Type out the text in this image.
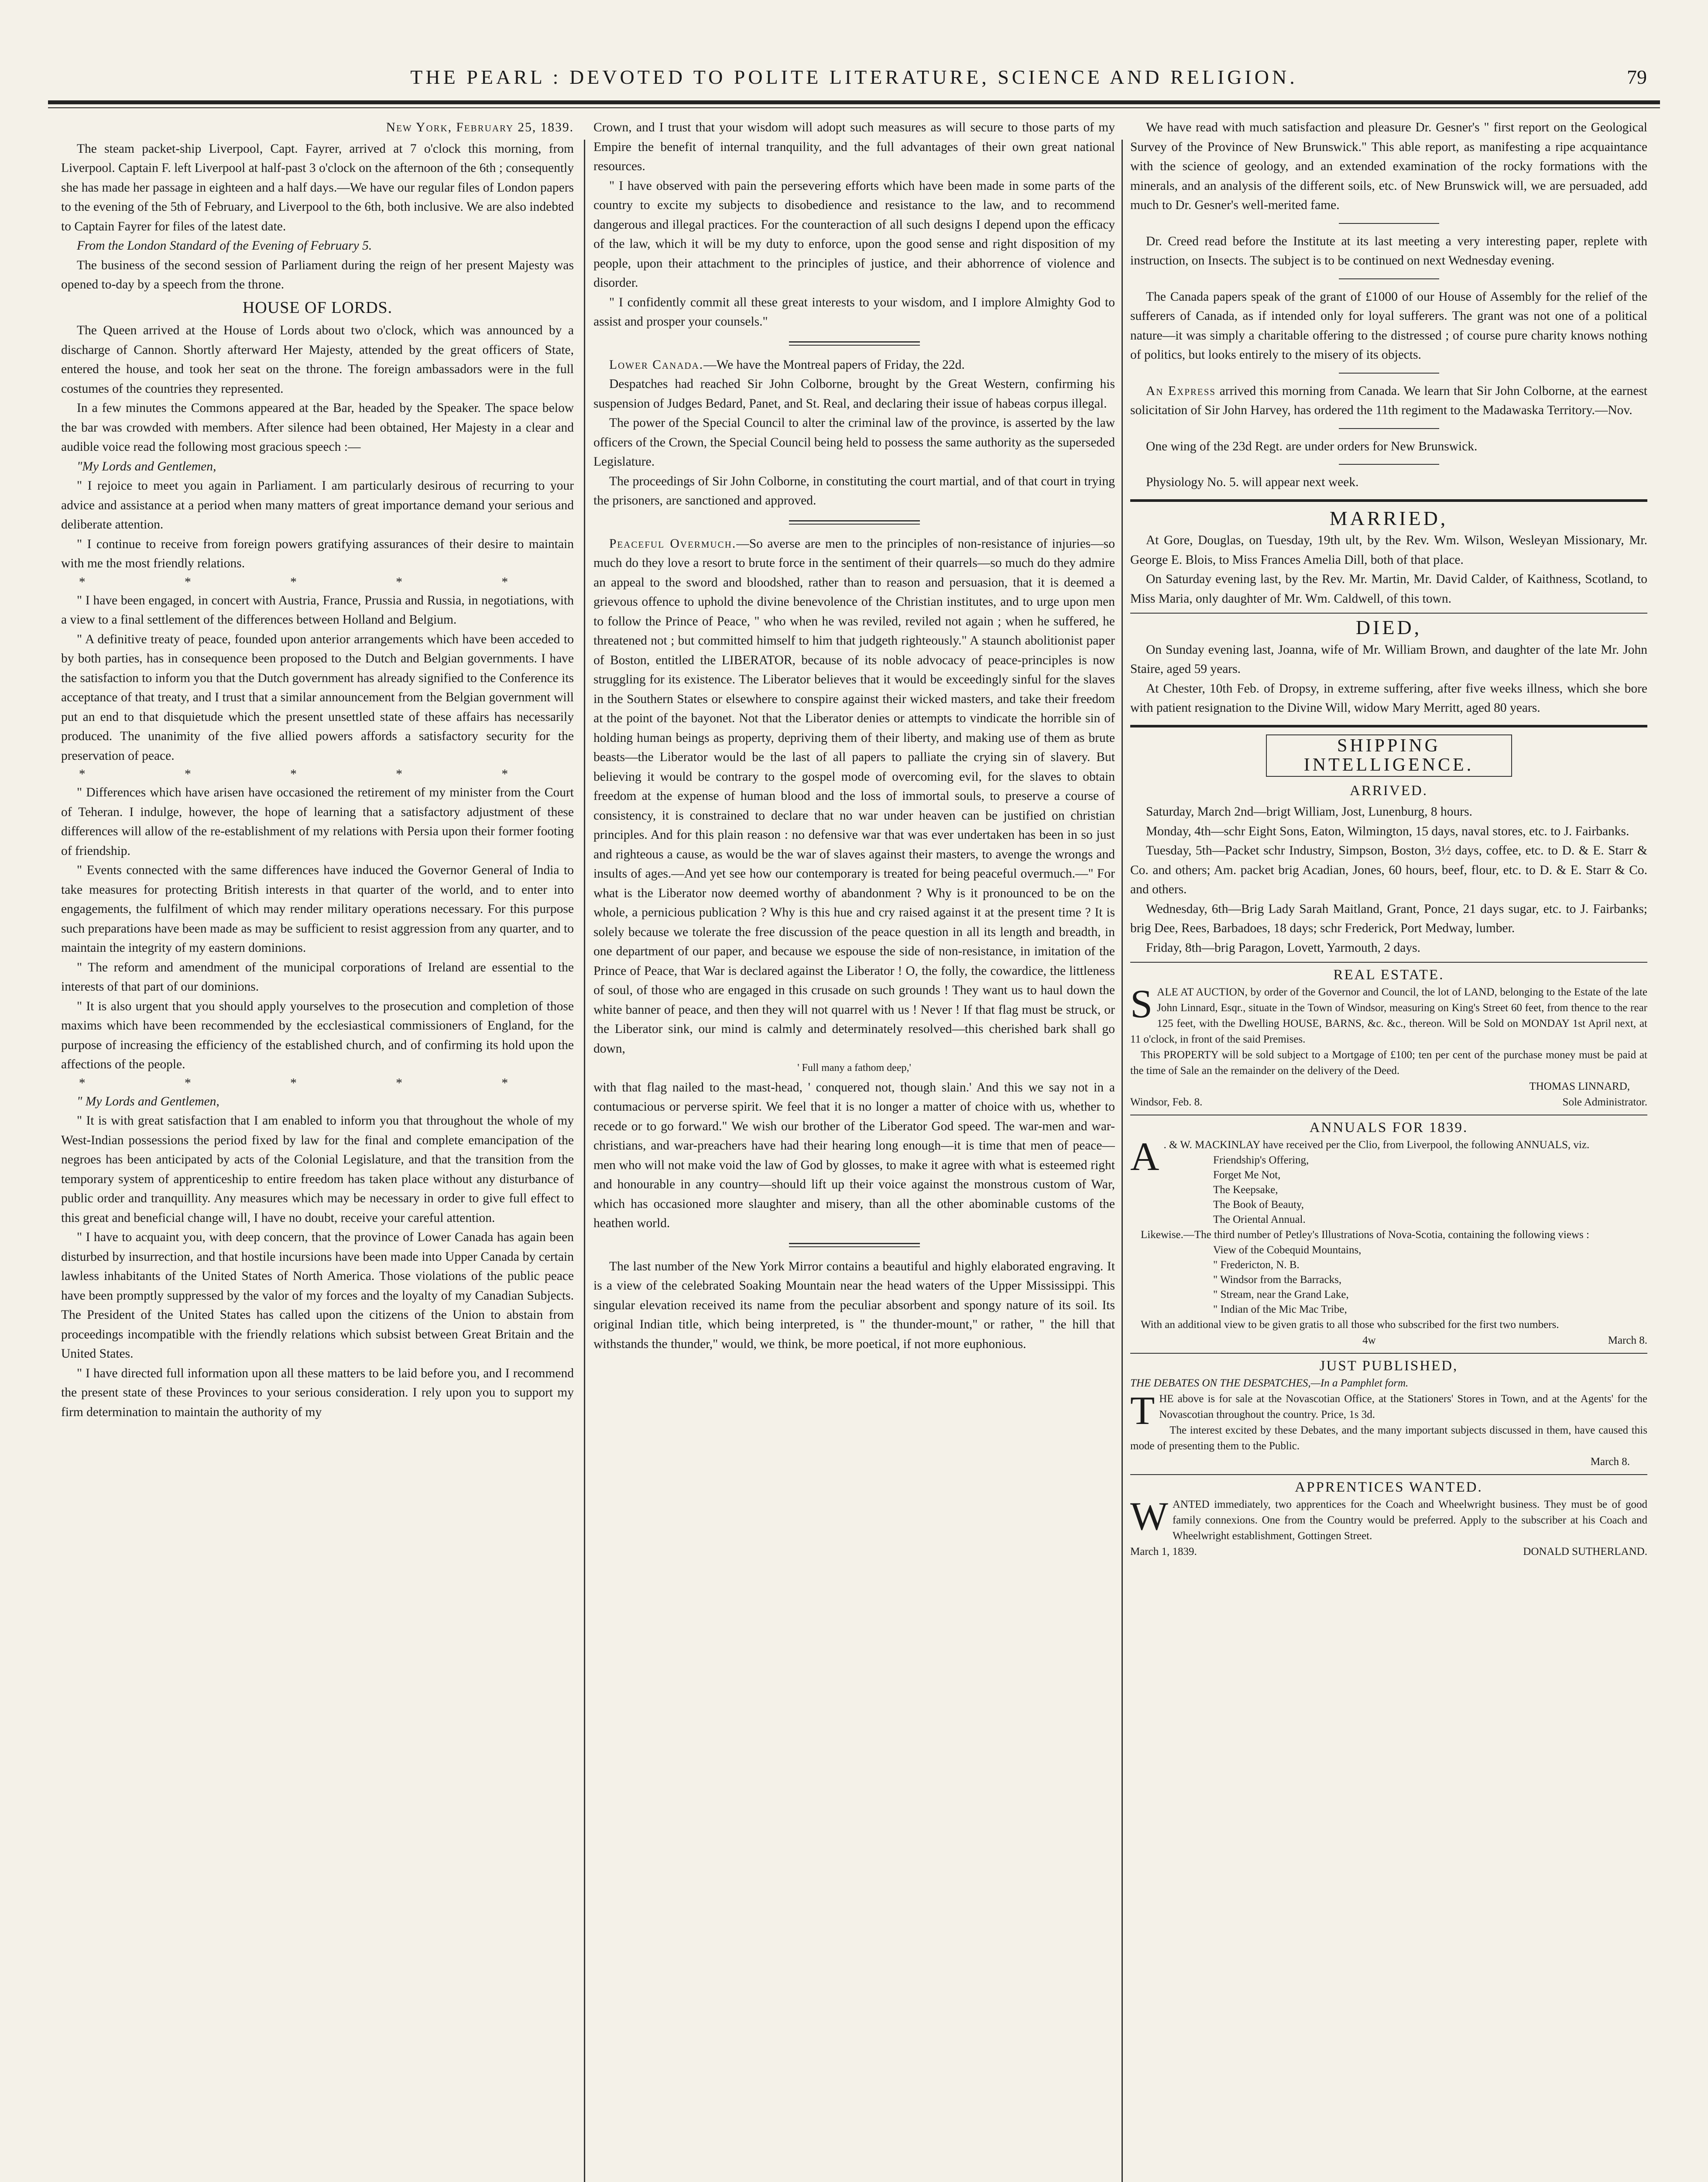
THE PEARL : DEVOTED TO POLITE LITERATURE, SCIENCE AND RELIGION.	79

New York, February 25, 1839.

The steam packet-ship Liverpool, Capt. Fayrer, arrived at 7 o'clock this morning, from Liverpool. Captain F. left Liverpool at half-past 3 o'clock on the afternoon of the 6th ; consequently she has made her passage in eighteen and a half days.—We have our regular files of London papers to the evening of the 5th of February, and Liverpool to the 6th, both inclusive. We are also indebted to Captain Fayrer for files of the latest date.

From the London Standard of the Evening of February 5.

The business of the second session of Parliament during the reign of her present Majesty was opened to-day by a speech from the throne.

HOUSE OF LORDS.

The Queen arrived at the House of Lords about two o'clock, which was announced by a discharge of Cannon. Shortly afterward Her Majesty, attended by the great officers of State, entered the house, and took her seat on the throne. The foreign ambassadors were in the full costumes of the countries they represented.

In a few minutes the Commons appeared at the Bar, headed by the Speaker. The space below the bar was crowded with members. After silence had been obtained, Her Majesty in a clear and audible voice read the following most gracious speech :—

"My Lords and Gentlemen,

" I rejoice to meet you again in Parliament. I am particularly desirous of recurring to your advice and assistance at a period when many matters of great importance demand your serious and deliberate attention.

" I continue to receive from foreign powers gratifying assurances of their desire to maintain with me the most friendly relations.

* * * * *

" I have been engaged, in concert with Austria, France, Prussia and Russia, in negotiations, with a view to a final settlement of the differences between Holland and Belgium.

" A definitive treaty of peace, founded upon anterior arrangements which have been acceded to by both parties, has in consequence been proposed to the Dutch and Belgian governments. I have the satisfaction to inform you that the Dutch government has already signified to the Conference its acceptance of that treaty, and I trust that a similar announcement from the Belgian government will put an end to that disquietude which the present unsettled state of these affairs has necessarily produced. The unanimity of the five allied powers affords a satisfactory security for the preservation of peace.

* * * * *

" Differences which have arisen have occasioned the retirement of my minister from the Court of Teheran. I indulge, however, the hope of learning that a satisfactory adjustment of these differences will allow of the re-establishment of my relations with Persia upon their former footing of friendship.

" Events connected with the same differences have induced the Governor General of India to take measures for protecting British interests in that quarter of the world, and to enter into engagements, the fulfilment of which may render military operations necessary. For this purpose such preparations have been made as may be sufficient to resist aggression from any quarter, and to maintain the integrity of my eastern dominions.

" The reform and amendment of the municipal corporations of Ireland are essential to the interests of that part of our dominions.

" It is also urgent that you should apply yourselves to the prosecution and completion of those maxims which have been recommended by the ecclesiastical commissioners of England, for the purpose of increasing the efficiency of the established church, and of confirming its hold upon the affections of the people.

* * * * *

" My Lords and Gentlemen,

" It is with great satisfaction that I am enabled to inform you that throughout the whole of my West-Indian possessions the period fixed by law for the final and complete emancipation of the negroes has been anticipated by acts of the Colonial Legislature, and that the transition from the temporary system of apprenticeship to entire freedom has taken place without any disturbance of public order and tranquillity. Any measures which may be necessary in order to give full effect to this great and beneficial change will, I have no doubt, receive your careful attention.

" I have to acquaint you, with deep concern, that the province of Lower Canada has again been disturbed by insurrection, and that hostile incursions have been made into Upper Canada by certain lawless inhabitants of the United States of North America. Those violations of the public peace have been promptly suppressed by the valor of my forces and the loyalty of my Canadian Subjects. The President of the United States has called upon the citizens of the Union to abstain from proceedings incompatible with the friendly relations which subsist between Great Britain and the United States.

" I have directed full information upon all these matters to be laid before you, and I recommend the present state of these Provinces to your serious consideration. I rely upon you to support my firm determination to maintain the authority of my

Crown, and I trust that your wisdom will adopt such measures as will secure to those parts of my Empire the benefit of internal tranquility, and the full advantages of their own great national resources.

" I have observed with pain the persevering efforts which have been made in some parts of the country to excite my subjects to disobedience and resistance to the law, and to recommend dangerous and illegal practices. For the counteraction of all such designs I depend upon the efficacy of the law, which it will be my duty to enforce, upon the good sense and right disposition of my people, upon their attachment to the principles of justice, and their abhorrence of violence and disorder.

" I confidently commit all these great interests to your wisdom, and I implore Almighty God to assist and prosper your counsels."

Lower Canada.—We have the Montreal papers of Friday, the 22d.

Despatches had reached Sir John Colborne, brought by the Great Western, confirming his suspension of Judges Bedard, Panet, and St. Real, and declaring their issue of habeas corpus illegal.

The power of the Special Council to alter the criminal law of the province, is asserted by the law officers of the Crown, the Special Council being held to possess the same authority as the superseded Legislature.

The proceedings of Sir John Colborne, in constituting the court martial, and of that court in trying the prisoners, are sanctioned and approved.

Peaceful Overmuch.—So averse are men to the principles of non-resistance of injuries—so much do they love a resort to brute force in the sentiment of their quarrels—so much do they admire an appeal to the sword and bloodshed, rather than to reason and persuasion, that it is deemed a grievous offence to uphold the divine benevolence of the Christian institutes, and to urge upon men to follow the Prince of Peace, " who when he was reviled, reviled not again ; when he suffered, he threatened not ; but committed himself to him that judgeth righteously." A staunch abolitionist paper of Boston, entitled the LIBERATOR, because of its noble advocacy of peace-principles is now struggling for its existence. The Liberator believes that it would be exceedingly sinful for the slaves in the Southern States or elsewhere to conspire against their wicked masters, and take their freedom at the point of the bayonet. Not that the Liberator denies or attempts to vindicate the horrible sin of holding human beings as property, depriving them of their liberty, and making use of them as brute beasts—the Liberator would be the last of all papers to palliate the crying sin of slavery. But believing it would be contrary to the gospel mode of overcoming evil, for the slaves to obtain freedom at the expense of human blood and the loss of immortal souls, to preserve a course of consistency, it is constrained to declare that no war under heaven can be justified on christian principles. And for this plain reason : no defensive war that was ever undertaken has been in so just and righteous a cause, as would be the war of slaves against their masters, to avenge the wrongs and insults of ages.—And yet see how our contemporary is treated for being peaceful overmuch.—" For what is the Liberator now deemed worthy of abandonment ? Why is it pronounced to be on the whole, a pernicious publication ? Why is this hue and cry raised against it at the present time ? It is solely because we tolerate the free discussion of the peace question in all its length and breadth, in one department of our paper, and because we espouse the side of non-resistance, in imitation of the Prince of Peace, that War is declared against the Liberator ! O, the folly, the cowardice, the littleness of soul, of those who are engaged in this crusade on such grounds ! They want us to haul down the white banner of peace, and then they will not quarrel with us ! Never ! If that flag must be struck, or the Liberator sink, our mind is calmly and determinately resolved—this cherished bark shall go down,

' Full many a fathom deep,'

with that flag nailed to the mast-head, ' conquered not, though slain.' And this we say not in a contumacious or perverse spirit. We feel that it is no longer a matter of choice with us, whether to recede or to go forward." We wish our brother of the Liberator God speed. The war-men and war-christians, and war-preachers have had their hearing long enough—it is time that men of peace—men who will not make void the law of God by glosses, to make it agree with what is esteemed right and honourable in any country—should lift up their voice against the monstrous custom of War, which has occasioned more slaughter and misery, than all the other abominable customs of the heathen world.

The last number of the New York Mirror contains a beautiful and highly elaborated engraving. It is a view of the celebrated Soaking Mountain near the head waters of the Upper Mississippi. This singular elevation received its name from the peculiar absorbent and spongy nature of its soil. Its original Indian title, which being interpreted, is " the thunder-mount," or rather, " the hill that withstands the thunder," would, we think, be more poetical, if not more euphonious.

We have read with much satisfaction and pleasure Dr. Gesner's " first report on the Geological Survey of the Province of New Brunswick." This able report, as manifesting a ripe acquaintance with the science of geology, and an extended examination of the rocky formations with the minerals, and an analysis of the different soils, etc. of New Brunswick will, we are persuaded, add much to Dr. Gesner's well-merited fame.

Dr. Creed read before the Institute at its last meeting a very interesting paper, replete with instruction, on Insects. The subject is to be continued on next Wednesday evening.

The Canada papers speak of the grant of £1000 of our House of Assembly for the relief of the sufferers of Canada, as if intended only for loyal sufferers. The grant was not one of a political nature—it was simply a charitable offering to the distressed ; of course pure charity knows nothing of politics, but looks entirely to the misery of its objects.

An Express arrived this morning from Canada. We learn that Sir John Colborne, at the earnest solicitation of Sir John Harvey, has ordered the 11th regiment to the Madawaska Territory.—Nov.

One wing of the 23d Regt. are under orders for New Brunswick.

Physiology No. 5. will appear next week.

MARRIED,

At Gore, Douglas, on Tuesday, 19th ult, by the Rev. Wm. Wilson, Wesleyan Missionary, Mr. George E. Blois, to Miss Frances Amelia Dill, both of that place.

On Saturday evening last, by the Rev. Mr. Martin, Mr. David Calder, of Kaithness, Scotland, to Miss Maria, only daughter of Mr. Wm. Caldwell, of this town.

DIED,

On Sunday evening last, Joanna, wife of Mr. William Brown, and daughter of the late Mr. John Staire, aged 59 years.

At Chester, 10th Feb. of Dropsy, in extreme suffering, after five weeks illness, which she bore with patient resignation to the Divine Will, widow Mary Merritt, aged 80 years.

SHIPPING INTELLIGENCE.

ARRIVED.

Saturday, March 2nd—brigt William, Jost, Lunenburg, 8 hours.

Monday, 4th—schr Eight Sons, Eaton, Wilmington, 15 days, naval stores, etc. to J. Fairbanks.

Tuesday, 5th—Packet schr Industry, Simpson, Boston, 3½ days, coffee, etc. to D. & E. Starr & Co. and others; Am. packet brig Acadian, Jones, 60 hours, beef, flour, etc. to D. & E. Starr & Co. and others.

Wednesday, 6th—Brig Lady Sarah Maitland, Grant, Ponce, 21 days sugar, etc. to J. Fairbanks; brig Dee, Rees, Barbadoes, 18 days; schr Frederick, Port Medway, lumber.

Friday, 8th—brig Paragon, Lovett, Yarmouth, 2 days.

REAL ESTATE.

SALE AT AUCTION, by order of the Governor and Council, the lot of LAND, belonging to the Estate of the late John Linnard, Esqr., situate in the Town of Windsor, measuring on King's Street 60 feet, from thence to the rear 125 feet, with the Dwelling HOUSE, BARNS, &c. &c., thereon. Will be Sold on MONDAY 1st April next, at 11 o'clock, in front of the said Premises.

This PROPERTY will be sold subject to a Mortgage of £100; ten per cent of the purchase money must be paid at the time of Sale an the remainder on the delivery of the Deed.

THOMAS LINNARD,

Windsor, Feb. 8.	Sole Administrator.

ANNUALS FOR 1839.

A . & W. MACKINLAY have received per the Clio, from Liverpool, the following ANNUALS, viz.

Friendship's Offering,

Forget Me Not,

The Keepsake,

The Book of Beauty,

The Oriental Annual.

Likewise.—The third number of Petley's Illustrations of Nova-Scotia, containing the following views :

View of the Cobequid Mountains,

" Fredericton, N. B.

" Windsor from the Barracks,

" Stream, near the Grand Lake,

" Indian of the Mic Mac Tribe,

With an additional view to be given gratis to all those who subscribed for the first two numbers.

4w	March 8.

JUST PUBLISHED,

THE DEBATES ON THE DESPATCHES,—In a Pamphlet form.

THE above is for sale at the Novascotian Office, at the Stationers' Stores in Town, and at the Agents' for the Novascotian throughout the country. Price, 1s 3d.

The interest excited by these Debates, and the many important subjects discussed in them, have caused this mode of presenting them to the Public.

March 8.

APPRENTICES WANTED.

WANTED immediately, two apprentices for the Coach and Wheelwright business. They must be of good family connexions. One from the Country would be preferred. Apply to the subscriber at his Coach and Wheelwright establishment, Gottingen Street.

March 1, 1839.	DONALD SUTHERLAND.
